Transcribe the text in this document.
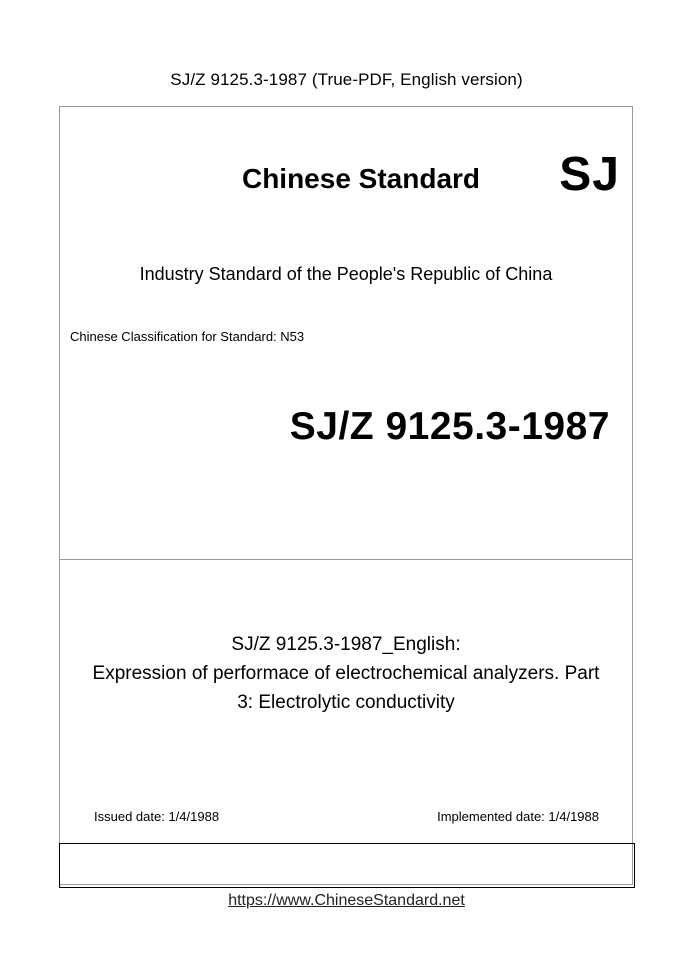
SJ/Z 9125.3-1987 (True-PDF, English version)
Chinese Standard	SJ
Industry Standard of the People's Republic of China
Chinese Classification for Standard: N53
SJ/Z 9125.3-1987
SJ/Z 9125.3-1987_English:
Expression of performace of electrochemical analyzers. Part
3: Electrolytic conductivity
Issued date: 1/4/1988	Implemented date: 1/4/1988
https://www.ChineseStandard.net
